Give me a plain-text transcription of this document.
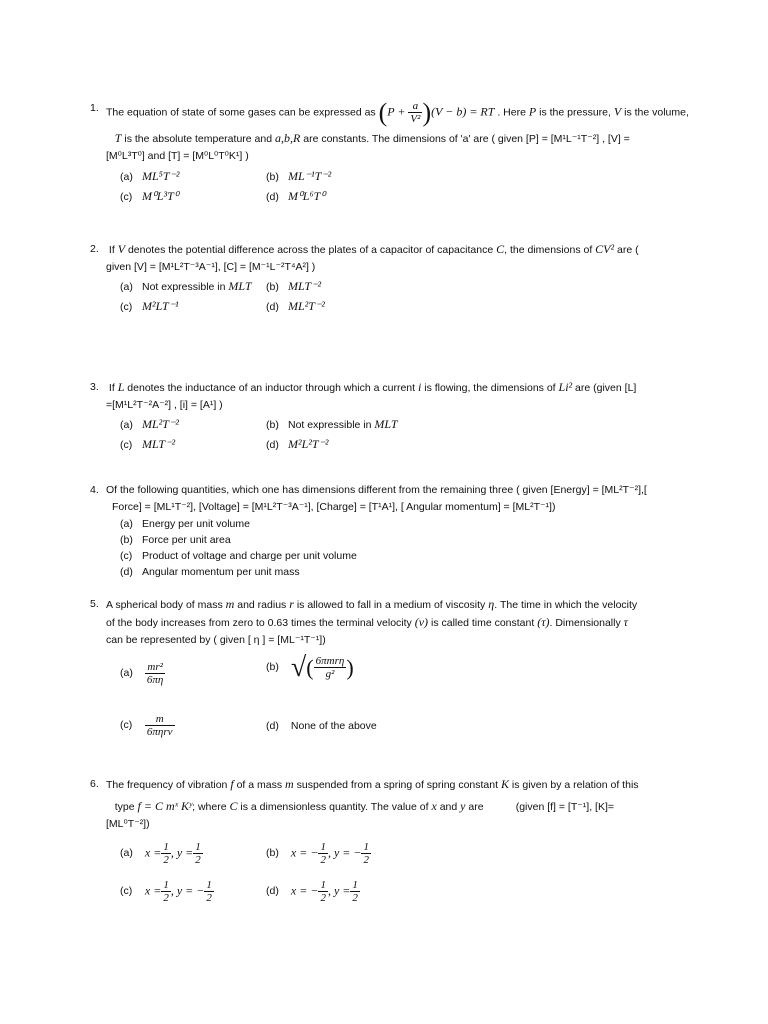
1. The equation of state of some gases can be expressed as $(P + \frac{a}{\text{V²}} )(V - b)$ = RT . Here P is the pressure, V is the volume,
T is the absolute temperature and a,b,R are constants. The dimensions of 'a' are ( given [P] = [M¹L⁻¹T⁻²] , [V] =
[M⁰L³T⁰] and [T] = [M⁰L⁰T⁰K¹] )
(a) ML⁵T⁻²	(b) ML⁻¹T⁻²
(c) M⁰L³T⁰	(d) M⁰L⁶T⁰
2. If V denotes the potential difference across the plates of a capacitor of capacitance C, the dimensions of CV² are (
given [V] = [M¹L²T⁻³A⁻¹], [C] = [M⁻¹L⁻²T⁴A²] )
(a) Not expressible in MLT (b) MLT⁻²
(c) M²LT⁻¹	(d) ML²T⁻²
3. If L denotes the inductance of an inductor through which a current i is flowing, the dimensions of Li² are (given [L]
=[M¹L²T⁻²A⁻²] , [i] = [A¹] )
(a) ML²T⁻²	(b) Not expressible in MLT
(c) MLT⁻²	(d) M²L²T⁻²
4. Of the following quantities, which one has dimensions different from the remaining three ( given [Energy] = [ML²T⁻²],[
Force] = [ML¹T⁻²], [Voltage] = [M¹L²T⁻³A⁻¹], [Charge] = [T¹A¹], [ Angular momentum] = [ML²T⁻¹])
(a) Energy per unit volume
(b) Force per unit area
(c) Product of voltage and charge per unit volume
(d) Angular momentum per unit mass
5. A spherical body of mass m and radius r is allowed to fall in a medium of viscosity η. The time in which the velocity
of the body increases from zero to 0.63 times the terminal velocity (v) is called time constant (τ). Dimensionally τ
can be represented by ( given [ η ] = [ML⁻¹T⁻¹])
$(a) \frac{\text{mr²}}{6\pi\eta}$	(b) √( $\frac{\text{6πmrη}}{\text{g²}}$ )
$(c) \frac{m}{\text{6πηrv}}$	(d) None of the above
6. The frequency of vibration f of a mass m suspended from a spring of spring constant K is given by a relation of this
type f = C mˣ Kʸ; where C is a dimensionless quantity. The value of x and y are	(given [f] = [T⁻¹], [K]=
[ML⁰T⁻²])
(a) $x = \frac{1}{2}$ , $y = \frac{1}{2}$	(b) x = − $\frac{1}{2}$ , y = − $\frac{1}{2}$
(c) $x = \frac{1}{2}$ , y = − $\frac{1}{2}$	(d) x = − $\frac{1}{2}$ , $y = \frac{1}{2}$
